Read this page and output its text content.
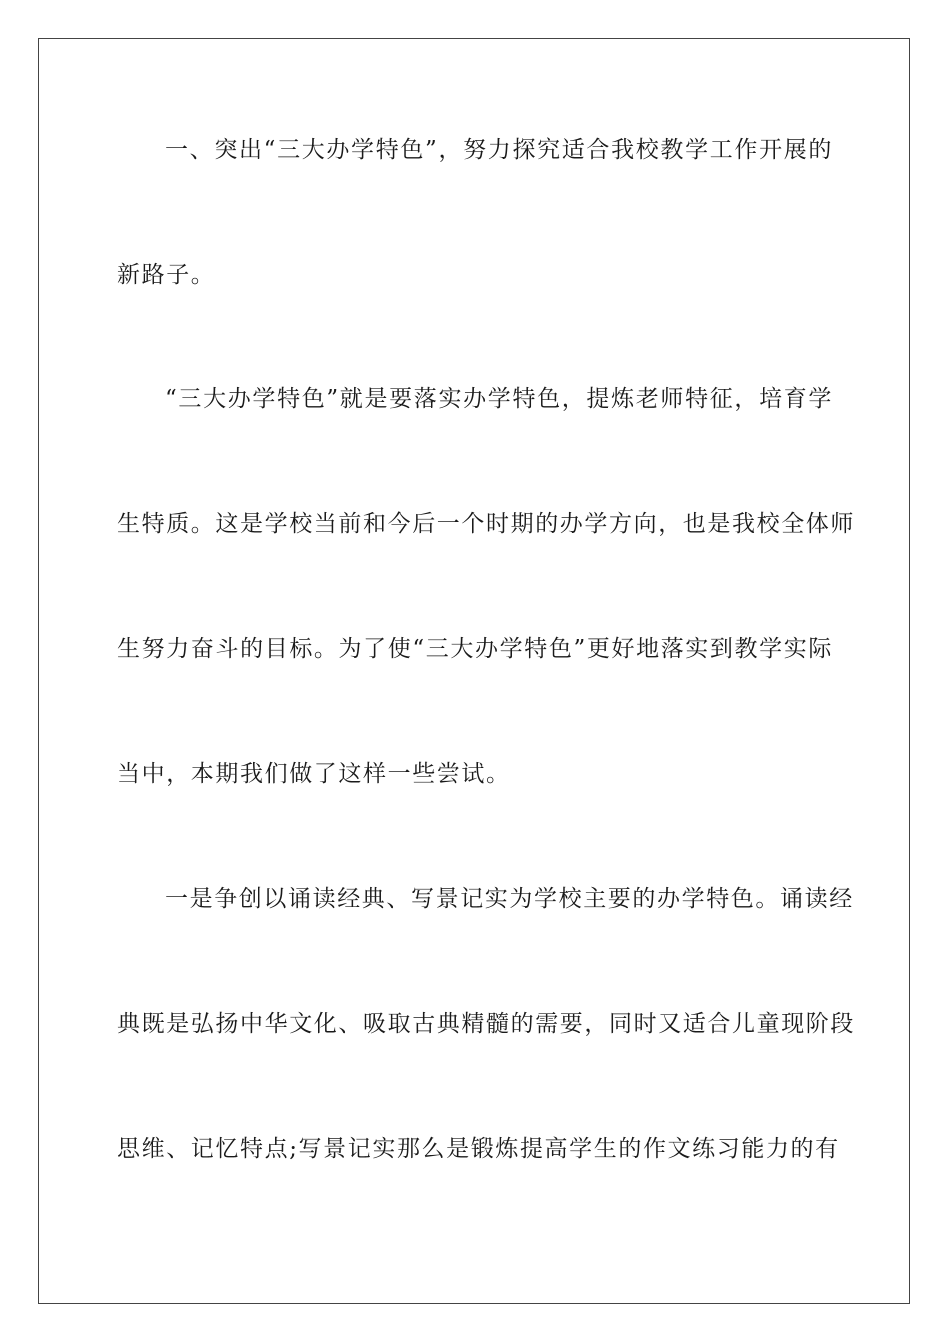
一、突出“三大办学特色”，努力探究适合我校教学工作开展的
新路子。
“三大办学特色”就是要落实办学特色，提炼老师特征，培育学
生特质。这是学校当前和今后一个时期的办学方向，也是我校全体师
生努力奋斗的目标。为了使“三大办学特色”更好地落实到教学实际
当中，本期我们做了这样一些尝试。
一是争创以诵读经典、写景记实为学校主要的办学特色。诵读经
典既是弘扬中华文化、吸取古典精髓的需要，同时又适合儿童现阶段
思维、记忆特点;写景记实那么是锻炼提高学生的作文练习能力的有
